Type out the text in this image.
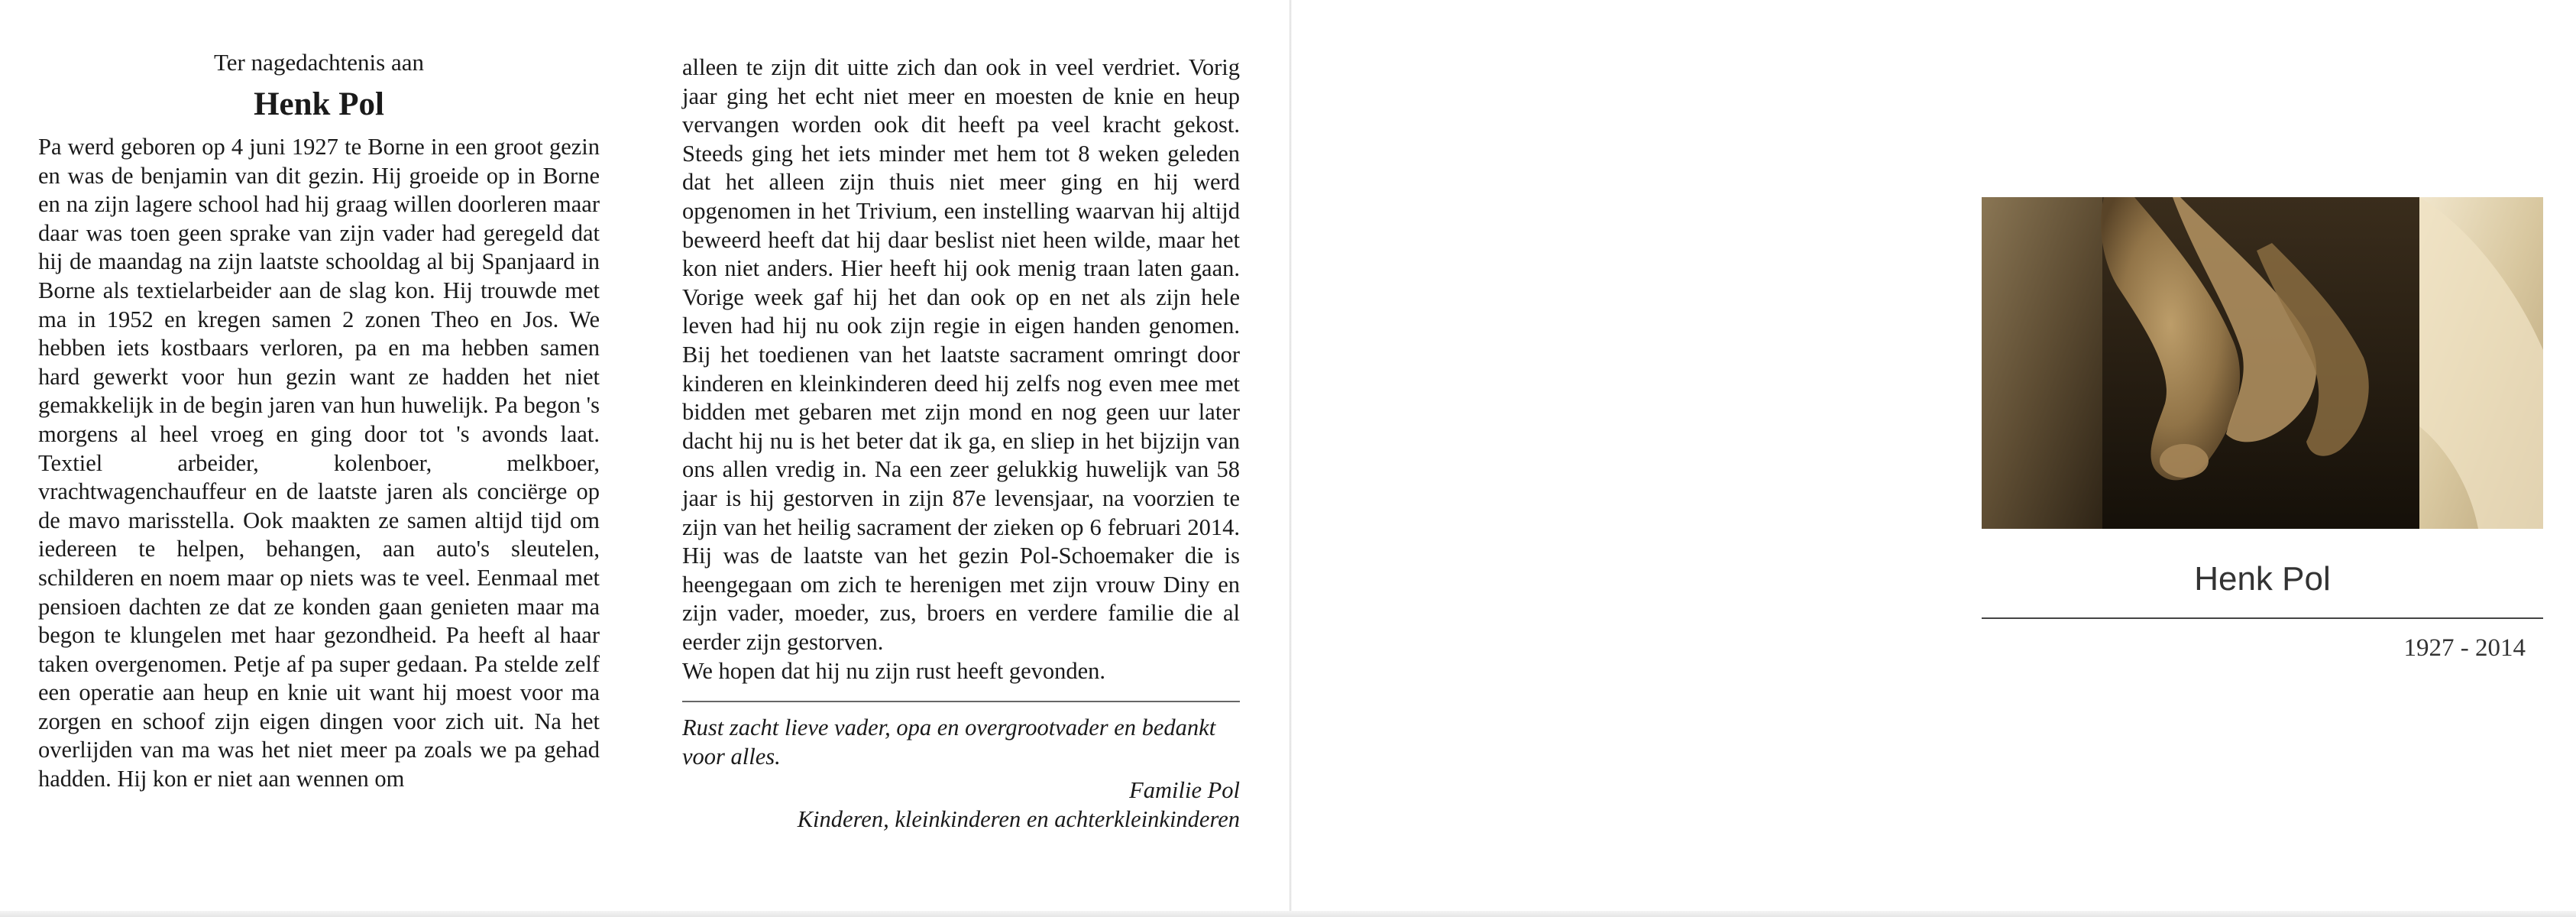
Ter nagedachtenis aan

Henk Pol

Pa werd geboren op 4 juni 1927 te Borne in een groot gezin en was de benjamin van dit gezin. Hij groeide op in Borne en na zijn lagere school had hij graag willen doorleren maar daar was toen geen sprake van zijn vader had geregeld dat hij de maandag na zijn laatste schooldag al bij Spanjaard in Borne als textielarbeider aan de slag kon. Hij trouwde met ma in 1952 en kregen samen 2 zonen Theo en Jos. We hebben iets kostbaars verloren, pa en ma hebben samen hard gewerkt voor hun gezin want ze hadden het niet gemakkelijk in de begin jaren van hun huwelijk. Pa begon 's morgens al heel vroeg en ging door tot 's avonds laat. Textiel arbeider, kolenboer, melkboer, vrachtwagenchauffeur en de laatste jaren als conciërge op de mavo marisstella. Ook maakten ze samen altijd tijd om iedereen te helpen, behangen, aan auto's sleutelen, schilderen en noem maar op niets was te veel. Eenmaal met pensioen dachten ze dat ze konden gaan genieten maar ma begon te klungelen met haar gezondheid. Pa heeft al haar taken overgenomen. Petje af pa super gedaan. Pa stelde zelf een operatie aan heup en knie uit want hij moest voor ma zorgen en schoof zijn eigen dingen voor zich uit. Na het overlijden van ma was het niet meer pa zoals we pa gehad hadden. Hij kon er niet aan wennen om

alleen te zijn dit uitte zich dan ook in veel verdriet. Vorig jaar ging het echt niet meer en moesten de knie en heup vervangen worden ook dit heeft pa veel kracht gekost. Steeds ging het iets minder met hem tot 8 weken geleden dat het alleen zijn thuis niet meer ging en hij werd opgenomen in het Trivium, een instelling waarvan hij altijd beweerd heeft dat hij daar beslist niet heen wilde, maar het kon niet anders. Hier heeft hij ook menig traan laten gaan. Vorige week gaf hij het dan ook op en net als zijn hele leven had hij nu ook zijn regie in eigen handen genomen. Bij het toedienen van het laatste sacrament omringt door kinderen en kleinkinderen deed hij zelfs nog even mee met bidden met gebaren met zijn mond en nog geen uur later dacht hij nu is het beter dat ik ga, en sliep in het bijzijn van ons allen vredig in. Na een zeer gelukkig huwelijk van 58 jaar is hij gestorven in zijn 87e levensjaar, na voorzien te zijn van het heilig sacrament der zieken op 6 februari 2014. Hij was de laatste van het gezin Pol-Schoemaker die is heengegaan om zich te herenigen met zijn vrouw Diny en zijn vader, moeder, zus, broers en verdere familie die al eerder zijn gestorven.

We hopen dat hij nu zijn rust heeft gevonden.

Rust zacht lieve vader, opa en overgrootvader en bedankt voor alles.

Familie Pol

Kinderen, kleinkinderen en achterkleinkinderen

Henk Pol

1927 - 2014
